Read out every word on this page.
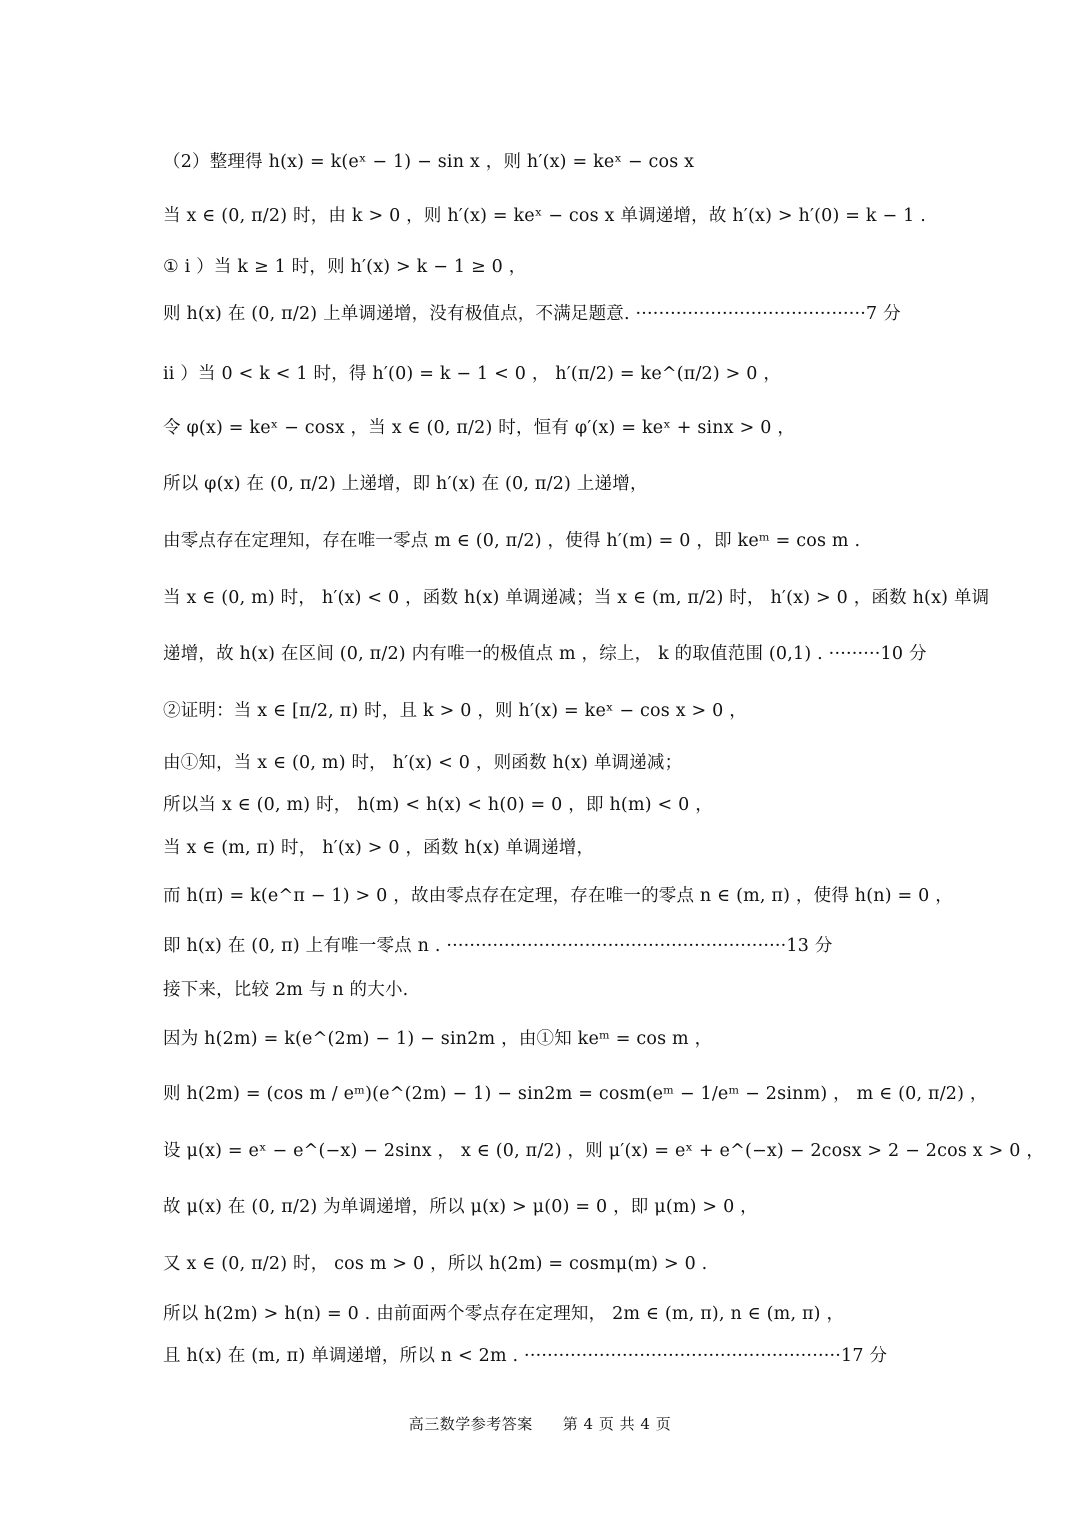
（2）整理得 h(x) = k(eˣ − 1) − sin x ，则 h′(x) = keˣ − cos x
当 x ∈ (0, π/2) 时，由 k > 0 ，则 h′(x) = keˣ − cos x 单调递增，故 h′(x) > h′(0) = k − 1 .
① i ）当 k ≥ 1 时，则 h′(x) > k − 1 ≥ 0 ，
则 h(x) 在 (0, π/2) 上单调递增，没有极值点，不满足题意. ········································7 分
ii ）当 0 < k < 1 时，得 h′(0) = k − 1 < 0 ， h′(π/2) = ke^(π/2) > 0 ，
令 φ(x) = keˣ − cosx ，当 x ∈ (0, π/2) 时，恒有 φ′(x) = keˣ + sinx > 0 ，
所以 φ(x) 在 (0, π/2) 上递增，即 h′(x) 在 (0, π/2) 上递增，
由零点存在定理知，存在唯一零点 m ∈ (0, π/2) ，使得 h′(m) = 0 ，即 keᵐ = cos m .
当 x ∈ (0, m) 时， h′(x) < 0 ，函数 h(x) 单调递减；当 x ∈ (m, π/2) 时， h′(x) > 0 ，函数 h(x) 单调
递增，故 h(x) 在区间 (0, π/2) 内有唯一的极值点 m ，综上， k 的取值范围 (0,1) . ·········10 分
②证明：当 x ∈ [π/2, π) 时，且 k > 0 ，则 h′(x) = keˣ − cos x > 0 ，
由①知，当 x ∈ (0, m) 时， h′(x) < 0 ，则函数 h(x) 单调递减；
所以当 x ∈ (0, m) 时， h(m) < h(x) < h(0) = 0 ，即 h(m) < 0 ，
当 x ∈ (m, π) 时， h′(x) > 0 ，函数 h(x) 单调递增，
而 h(π) = k(e^π − 1) > 0 ，故由零点存在定理，存在唯一的零点 n ∈ (m, π) ，使得 h(n) = 0 ，
即 h(x) 在 (0, π) 上有唯一零点 n . ···························································13 分
接下来，比较 2m 与 n 的大小.
因为 h(2m) = k(e^(2m) − 1) − sin2m ，由①知 keᵐ = cos m ，
则 h(2m) = (cos m / eᵐ)(e^(2m) − 1) − sin2m = cosm(eᵐ − 1/eᵐ − 2sinm) ， m ∈ (0, π/2) ，
设 μ(x) = eˣ − e^(−x) − 2sinx ， x ∈ (0, π/2) ，则 μ′(x) = eˣ + e^(−x) − 2cosx > 2 − 2cos x > 0 ，
故 μ(x) 在 (0, π/2) 为单调递增，所以 μ(x) > μ(0) = 0 ，即 μ(m) > 0 ，
又 x ∈ (0, π/2) 时， cos m > 0 ，所以 h(2m) = cosmμ(m) > 0 .
所以 h(2m) > h(n) = 0 . 由前面两个零点存在定理知， 2m ∈ (m, π), n ∈ (m, π) ，
且 h(x) 在 (m, π) 单调递增，所以 n < 2m . ·······················································17 分
高三数学参考答案 第 4 页 共 4 页
